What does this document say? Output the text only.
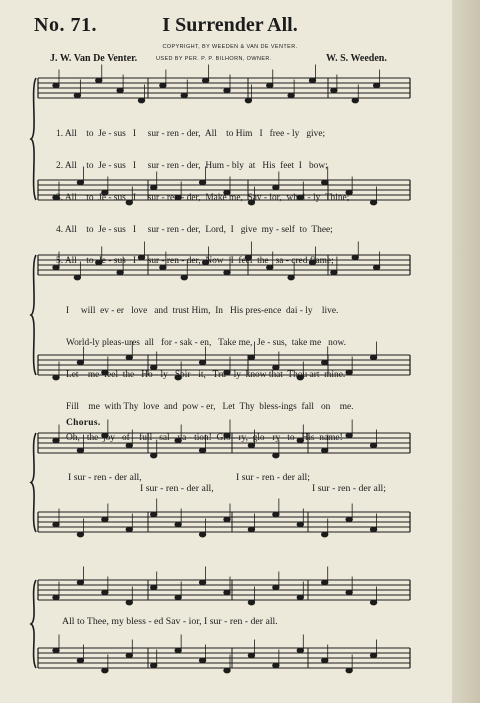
No. 71.	I Surrender All.
COPYRIGHT, BY WEEDEN & VAN DE VENTER.
USED BY PER. P. P. BILHORN, OWNER.
J. W. Van De Venter.	W. S. Weeden.

1. All    to  Je - sus   I     sur - ren - der,  All    to Him   I   free - ly   give;

2. All    to  Je - sus   I     sur - ren - der,  Hum - bly  at   His  feet  I   bow;

3. All    to  Je - sus   I     sur - ren - der,  Make me,  Sav - ior,  whol - ly  Thine;

4. All    to  Je - sus   I     sur - ren - der,  Lord,  I   give  my - self  to  Thee;

5. All    to  Je - sus   I     sur - ren - der,  Now   I  feel  the   sa - cred flame;

I     will  ev - er   love   and  trust Him,  In   His pres-ence  dai - ly    live.

World-ly pleas-ures  all   for - sak - en,   Take me,  Je - sus,  take me   now.

Let    me  feel  the   Ho - ly   Spir - it,   Tru - ly  know that  Thou art  mine.

Fill    me  with Thy  love  and  pow - er,   Let  Thy  bless-ings  fall   on    me.

Oh,   the  joy   of    full   sal - va - tion!  Glo - ry,  glo - ry   to   His  name!

Chorus.
I sur - ren - der all,	I sur - ren - der all;
I sur - ren - der all,	I sur - ren - der all;
All to Thee, my bless - ed Sav - ior, I sur - ren - der all.
